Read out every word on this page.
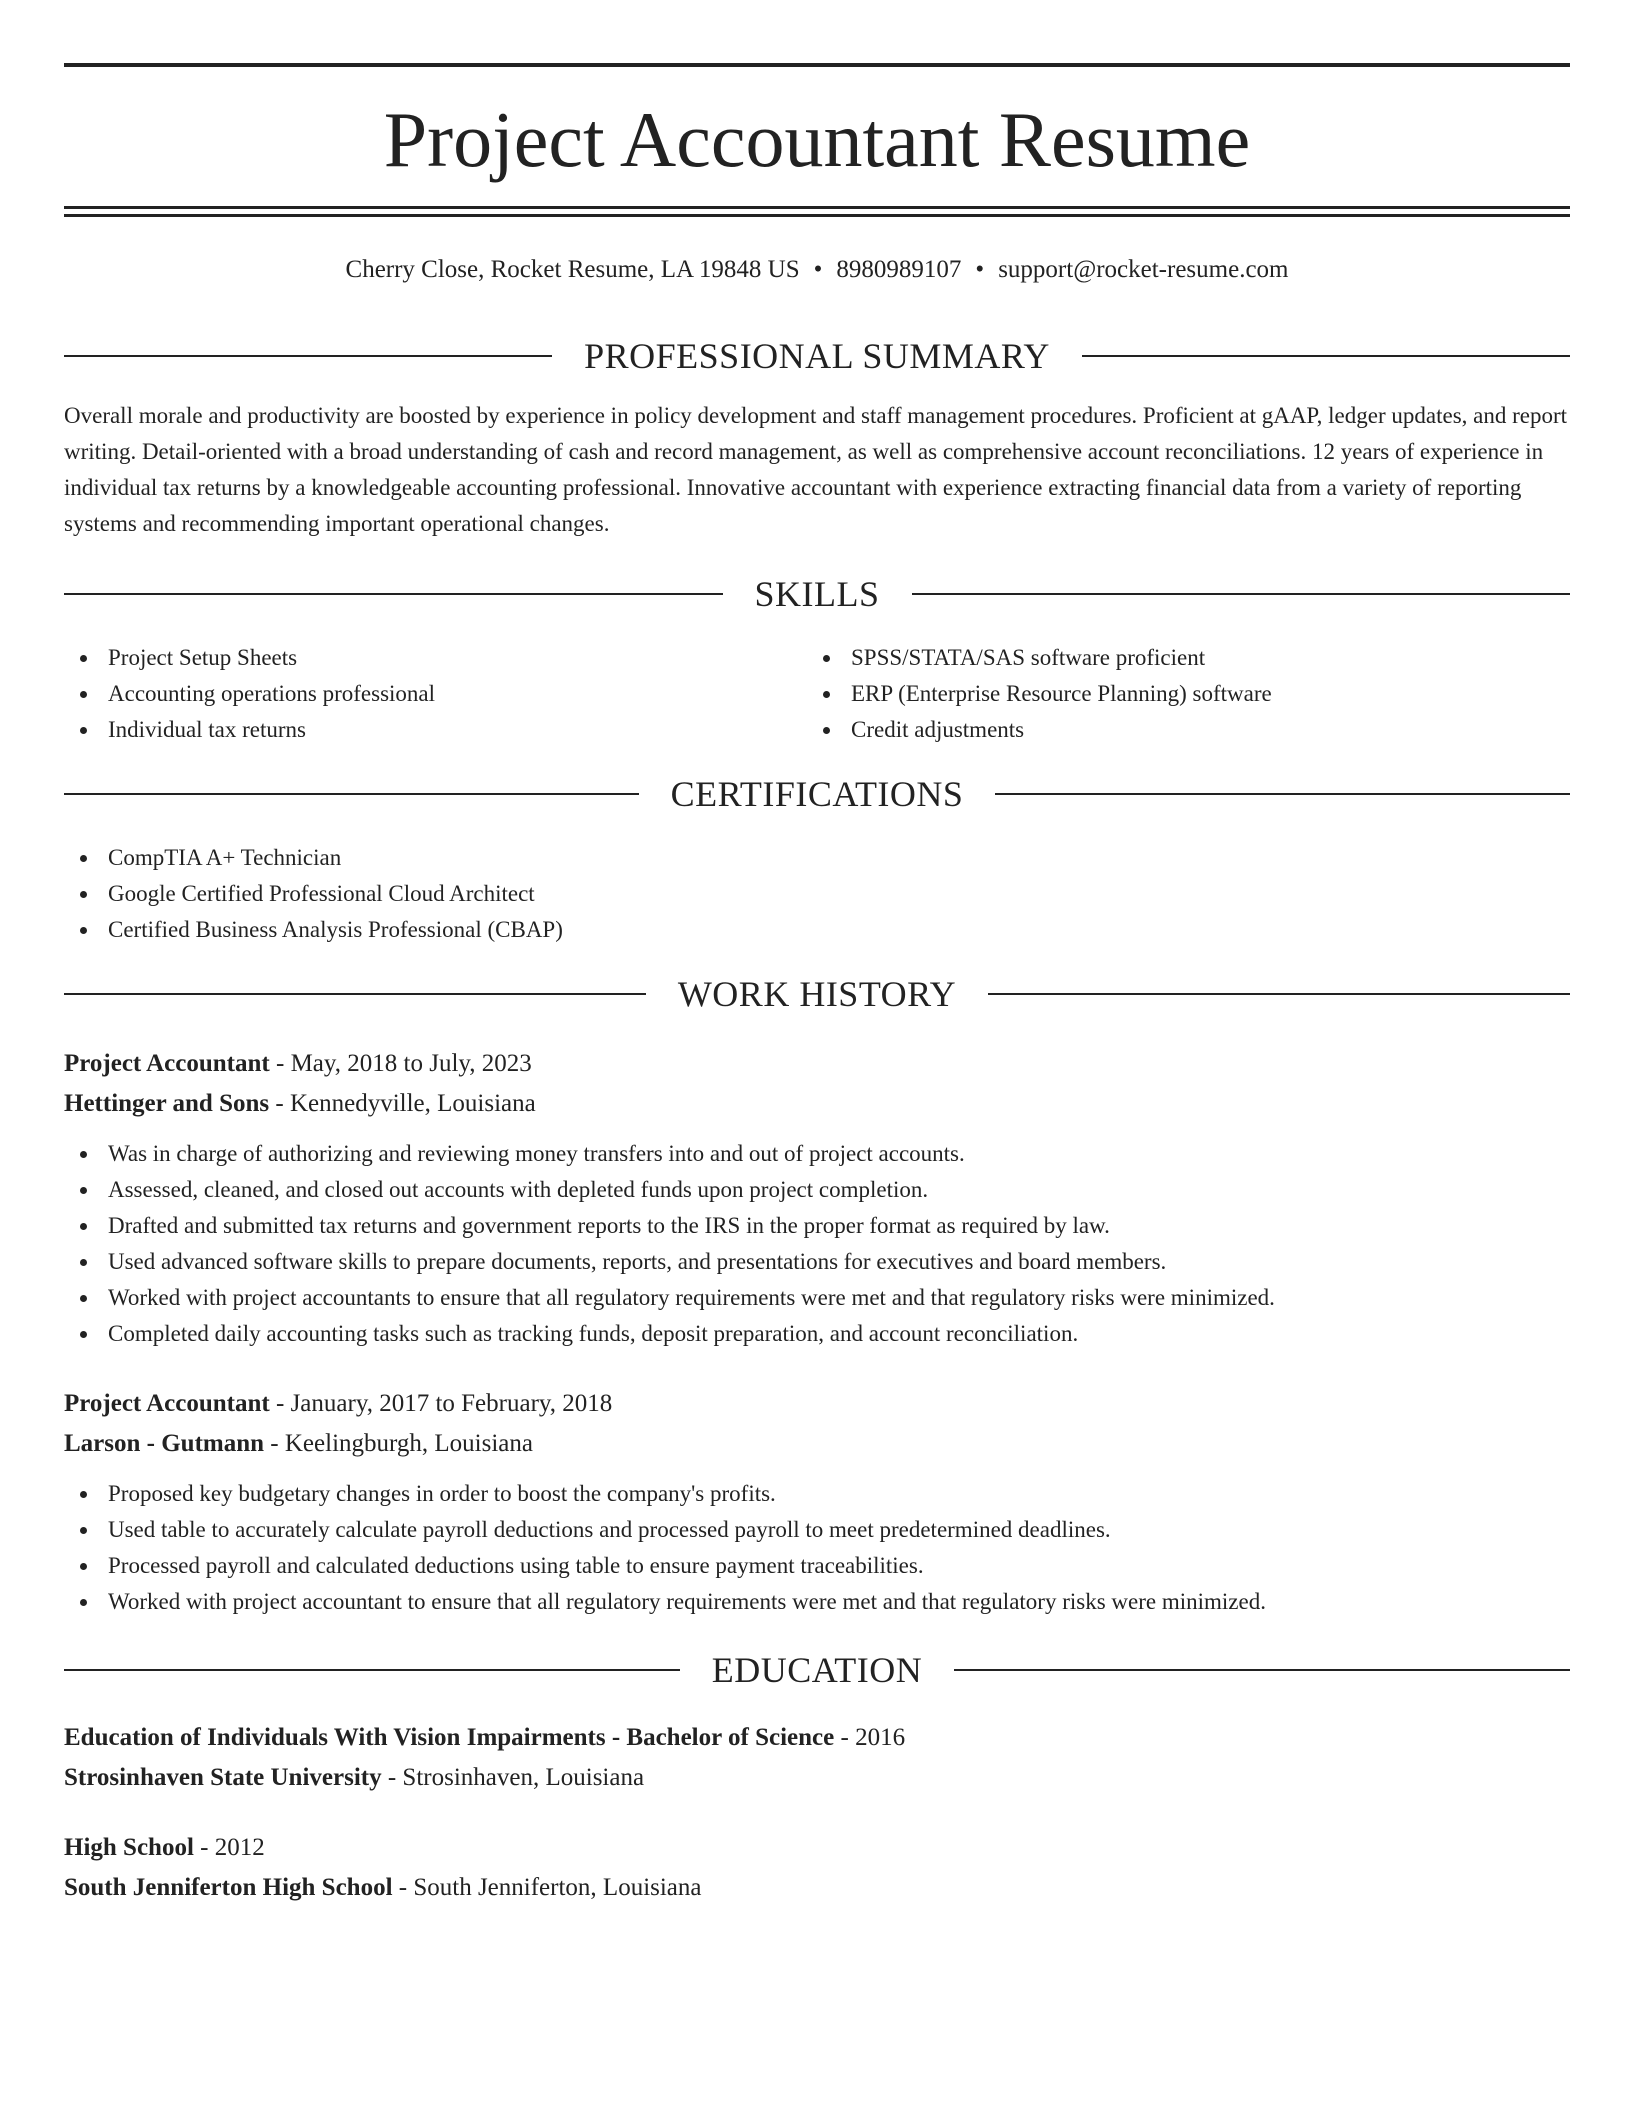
Project Accountant Resume
Cherry Close, Rocket Resume, LA 19848 US • 8980989107 • support@rocket-resume.com
PROFESSIONAL SUMMARY

Overall morale and productivity are boosted by experience in policy development and staff management procedures. Proficient at gAAP, ledger updates, and report writing. Detail-oriented with a broad understanding of cash and record management, as well as comprehensive account reconciliations. 12 years of experience in individual tax returns by a knowledgeable accounting professional. Innovative accountant with experience extracting financial data from a variety of reporting systems and recommending important operational changes.

SKILLS
Project Setup Sheets
Accounting operations professional
Individual tax returns
SPSS/STATA/SAS software proficient
ERP (Enterprise Resource Planning) software
Credit adjustments
CERTIFICATIONS
CompTIA A+ Technician
Google Certified Professional Cloud Architect
Certified Business Analysis Professional (CBAP)
WORK HISTORY
Project Accountant - May, 2018 to July, 2023
Hettinger and Sons - Kennedyville, Louisiana
Was in charge of authorizing and reviewing money transfers into and out of project accounts.
Assessed, cleaned, and closed out accounts with depleted funds upon project completion.
Drafted and submitted tax returns and government reports to the IRS in the proper format as required by law.
Used advanced software skills to prepare documents, reports, and presentations for executives and board members.
Worked with project accountants to ensure that all regulatory requirements were met and that regulatory risks were minimized.
Completed daily accounting tasks such as tracking funds, deposit preparation, and account reconciliation.
Project Accountant - January, 2017 to February, 2018
Larson - Gutmann - Keelingburgh, Louisiana
Proposed key budgetary changes in order to boost the company's profits.
Used table to accurately calculate payroll deductions and processed payroll to meet predetermined deadlines.
Processed payroll and calculated deductions using table to ensure payment traceabilities.
Worked with project accountant to ensure that all regulatory requirements were met and that regulatory risks were minimized.
EDUCATION
Education of Individuals With Vision Impairments - Bachelor of Science - 2016
Strosinhaven State University - Strosinhaven, Louisiana
High School - 2012
South Jenniferton High School - South Jenniferton, Louisiana
